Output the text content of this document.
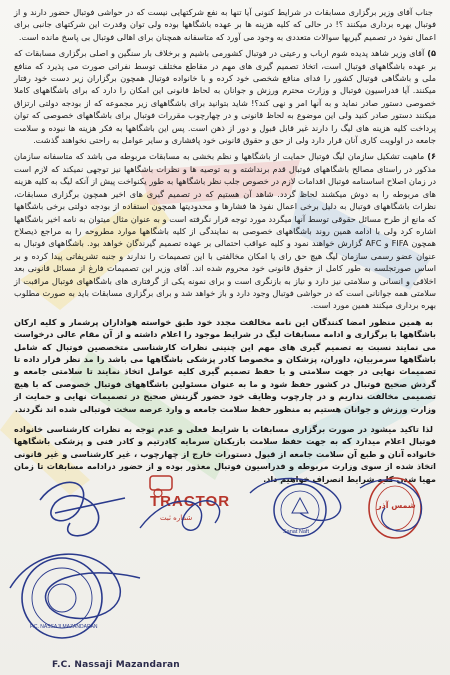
جناب آقای وزیر برگزاری مسابقات در شرایط کنونی آیا تنها به نفع شرکتهایی نیست که در حواشی فوتبال حضور دارند و از فوتبال بهره برداری میکنند ؟! در حالی که کلیه هزینه ها بر عهده باشگاهها بوده ولی توان وقدرت این شرکتهای جانبی برای اعمال نفوذ در تصمیم گیریها سوالات متعددی به وجود می آورد که متاسفانه همچنان برای اهالی فوتبال بی پاسخ مانده است.

۵)آقای وزیر شاهد پدیده شوم ارباب و رعیتی در فوتبال کشورمی باشیم و برخلاف بار سنگین و اصلی برگزاری مسابقات که بر عهده باشگاههای فوتبال است، اتخاذ تصمیم گیری های مهم در مقاطع مختلف توسط نفراتی صورت می پذیرد که منافع ملی و باشگاهی فوتبال کشور را فدای منافع شخصی خود کرده و با خانواده فوتبال همچون برگزاران زیر دست خود رفتار میکنند. آیا فدراسیون فوتبال و وزارت محترم ورزش و جوانان به لحاظ قانونی این امکان را دارد که برای باشگاههای کاملا خصوصی دستور صادر نماید و به آنها امر و نهی کند؟! شاید بتوانید برای باشگاههای زیر مجموعه که از بودجه دولتی ارتزاق میکنند دستور صادر کنید ولی این موضوع به لحاظ قانونی و در چهارچوب مقررات فوتبال برای باشگاههای خصوصی که توان پرداخت کلیه هزینه های لیگ را دارند غیر قابل قبول و دور از ذهن است. پس این باشگاهها به فکر هزینه ها نبوده و سلامت جامعه در اولویت کاری آنان قرار دارد ولی از حق و حقوق قانونی خود پافشاری و سایر عوامل به راحتی نخواهند گذشت.

۶)ماهیت تشکیل سازمان لیگ فوتبال حمایت از باشگاهها و نظم بخشی به مسابقات مربوطه می باشد که متاسفانه سازمان مذکور در راستای مصالح باشگاههای فوتبال قدم برنداشته و به توصیه ها و نظرات باشگاهها نیز توجهی نمیکند که لازم است در زمان اصلاح اساسنامه فوتبال اقدامات لازم در خصوص جلب نظر باشگاهها به طور یکنواخت پیش از آنکه لیگ به کلیه هزینه های مربوطه را به دوش میکشند لحاظ گردد. شاهد آن هستیم که در تصمیم گیری های اخیر همچون برگزاری مسابقات، نظرات باشگاههای فوتبال به دلیل برخی اعمال نفوذ ها فشارها و محدودیتها همچون استفاده از بودجه دولتی برخی باشگاهها که مانع از طرح مسائل حقوقی توسط آنها میگردد مورد توجه قرار نگرفته است و به عنوان مثال میتوان به نامه اخیر باشگاهها اشاره کرد ولی با ادامه همین روند باشگاههای خصوصی به نمایندگی از کلیه باشگاهها موارد مطروحه را به مراجع ذیصلاح همچون FIFA و AFC گزارش خواهند نمود و کلیه عواقب احتمالی بر عهده تصمیم گیرندگان خواهد بود. باشگاههای فوتبال به عنوان عضو رسمی سازمان لیگ هیچ حق رای یا امکان مخالفتی با این تصمیمات را ندارند و جنبه تشریفاتی پیدا کرده و بر اساس صورتجلسه به طور کامل از حقوق قانونی خود محروم شده اند. آقای وزیر این تصمیمات فارغ از مسائل قانونی بعد اخلاقی و انسانی و سلامتی نیز دارد و نیاز به بازنگری است و برای نمونه یکی از گرفتاری های باشگاههای فوتبال مراقبت از سلامتی همه جوانانی است که در حواشی فوتبال وجود دارد و باز خواهد شد و برای برگزاری مسابقات باید به صورت مطلوب بهره برداری میکنند همین مورد است.

به همین منظور امضا کنندگان این نامه مخالفت مجدد خود طبق خواسته هواداران پرشمار و کلیه ارکان باشگاهها با برگزاری و ادامه مسابقات لیگ در شرایط موجود را اعلام داشته و از آن مقام عالی درخواست می نمایند نسبت به تصمیم گیری های مهم این چنینی نظرات کارشناسی متخصصین فوتبال که شامل باشگاهها سرمربیان، داوران، پزشکان و مخصوصا کادر پزشکی باشگاهها می باشد را مد نظر قرار داده تا تصمیمات نهایی در جهت سلامتی و با حفظ تصمیم گیری کلیه عوامل اتخاذ نمایند تا سلامتی جامعه و گردش صحیح فوتبال در کشور حفظ شود و ما به عنوان مسئولین باشگاههای فوتبال خصوصی که با هیچ تصمیمی مخالفت نداریم و در چارچوب وظایف خود حضور گزینش صحیح در تصمیمات نهایی و حمایت از وزارت ورزش و جوانان هستیم به منظور حفظ سلامت جامعه و وارد عرصه سخت فوتبالی شده اند نگردند.

لذا تاکید میشود در صورت برگزاری مسابقات با شرایط فعلی و عدم توجه به نظرات کارشناسی خانواده فوتبال اعلام میدارد که به جهت حفظ سلامت بازیکنان سرمایه کادرتیم و کادر فنی و پزشکی باشگاهها خانواده آنان و طبع آن سلامت جامعه از قبول دستورات خارج از چهارچوب ، غیر کارشناسی و غیر قانونی اتخاذ شده از سوی وزارت مربوطه و فدراسیون فوتبال معذور بوده و از حضور درادامه مسابقات تا زمان مهیا شدن کلیه شرایط انصراف خواهیم داد.

TRACTOR
شماره ثبت
Sanat Naft
شمس آذر
F.C. NASSAJI MAZANDARAN
F.C. Nassaji Mazandaran
